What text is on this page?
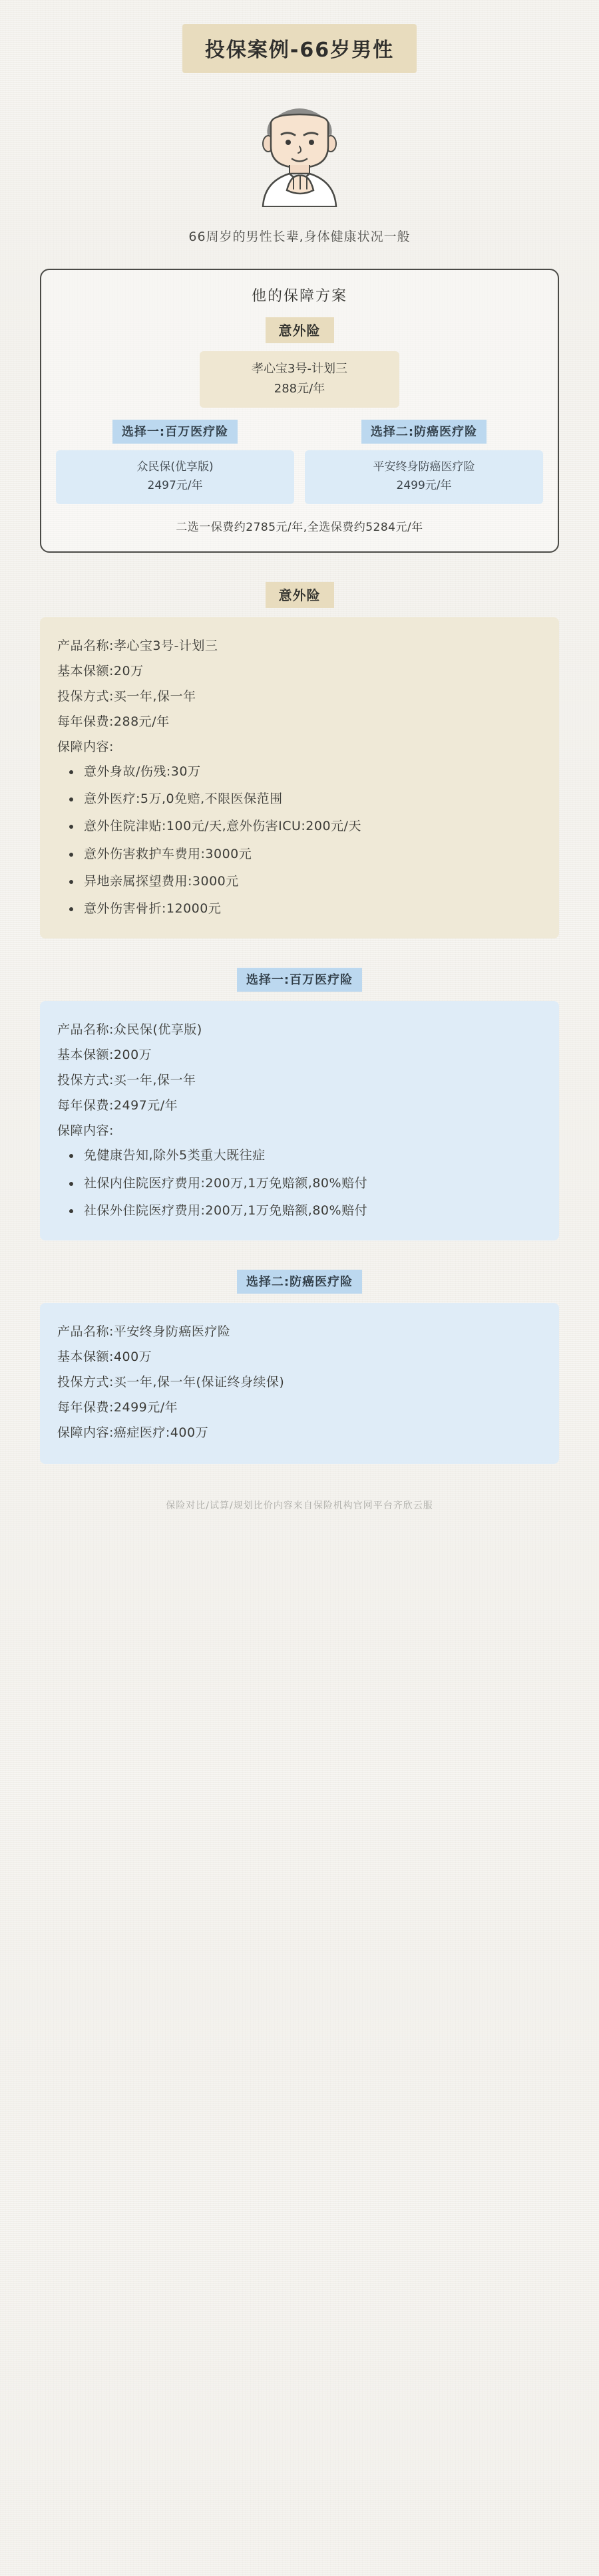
投保案例-66岁男性
66周岁的男性长辈,身体健康状况一般
他的保障方案
意外险
孝心宝3号-计划三
288元/年
选择一:百万医疗险
众民保(优享版)
2497元/年
选择二:防癌医疗险
平安终身防癌医疗险
2499元/年
二选一保费约2785元/年,全选保费约5284元/年
意外险
产品名称:孝心宝3号-计划三
基本保额:20万
投保方式:买一年,保一年
每年保费:288元/年
保障内容:
• 意外身故/伤残:30万
• 意外医疗:5万,0免赔,不限医保范围
• 意外住院津贴:100元/天,意外伤害ICU:200元/天
• 意外伤害救护车费用:3000元
• 异地亲属探望费用:3000元
• 意外伤害骨折:12000元
选择一:百万医疗险
产品名称:众民保(优享版)
基本保额:200万
投保方式:买一年,保一年
每年保费:2497元/年
保障内容:
• 免健康告知,除外5类重大既往症
• 社保内住院医疗费用:200万,1万免赔额,80%赔付
• 社保外住院医疗费用:200万,1万免赔额,80%赔付
选择二:防癌医疗险
产品名称:平安终身防癌医疗险
基本保额:400万
投保方式:买一年,保一年(保证终身续保)
每年保费:2499元/年
保障内容:癌症医疗:400万
保险对比/试算/规划比价内容来自保险机构官网平台齐欣云服
